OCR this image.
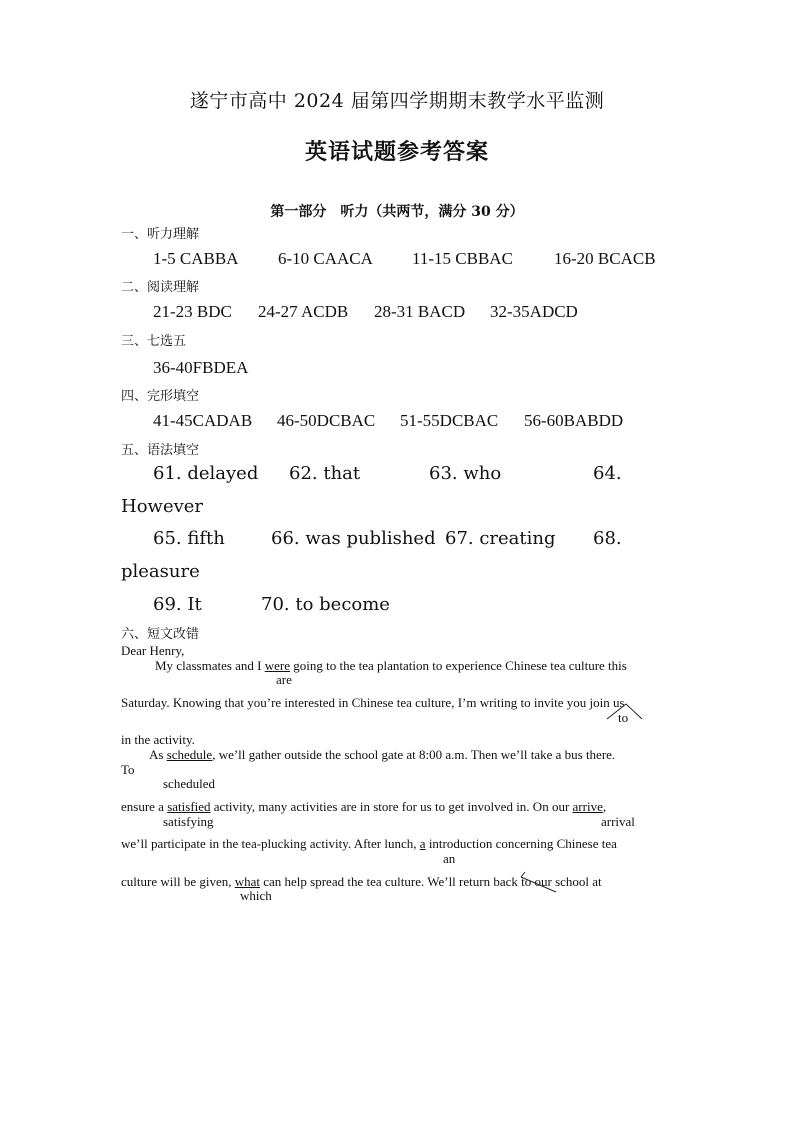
遂宁市高中 2024 届第四学期期末教学水平监测
英语试题参考答案
第一部分　听力（共两节，满分 30 分）
一、听力理解
1-5 CABBA 6-10 CAACA 11-15 CBBAC 16-20 BCACB
二、阅读理解
21-23 BDC 24-27 ACDB 28-31 BACD 32-35ADCD
三、七选五
36-40FBDEA
四、完形填空
41-45CADAB 46-50DCBAC 51-55DCBAC 56-60BABDD
五、语法填空
61. delayed 62. that	63. who	64.
However
65. fifth	66. was published 67. creating 68.
pleasure
69. It	70. to become
六、短文改错
Dear Henry,
My classmates and I were going to the tea plantation to experience Chinese tea culture this
are
Saturday. Knowing that you’re interested in Chinese tea culture, I’m writing to invite you join us
to
in the activity.
As schedule, we’ll gather outside the school gate at 8:00 a.m. Then we’ll take a bus there.
To
scheduled
ensure a satisfied activity, many activities are in store for us to get involved in. On our arrive,
satisfying	arrival
we’ll participate in the tea-plucking activity. After lunch, a introduction concerning Chinese tea
an
culture will be given, what can help spread the tea culture. We’ll return back to our school at
which
